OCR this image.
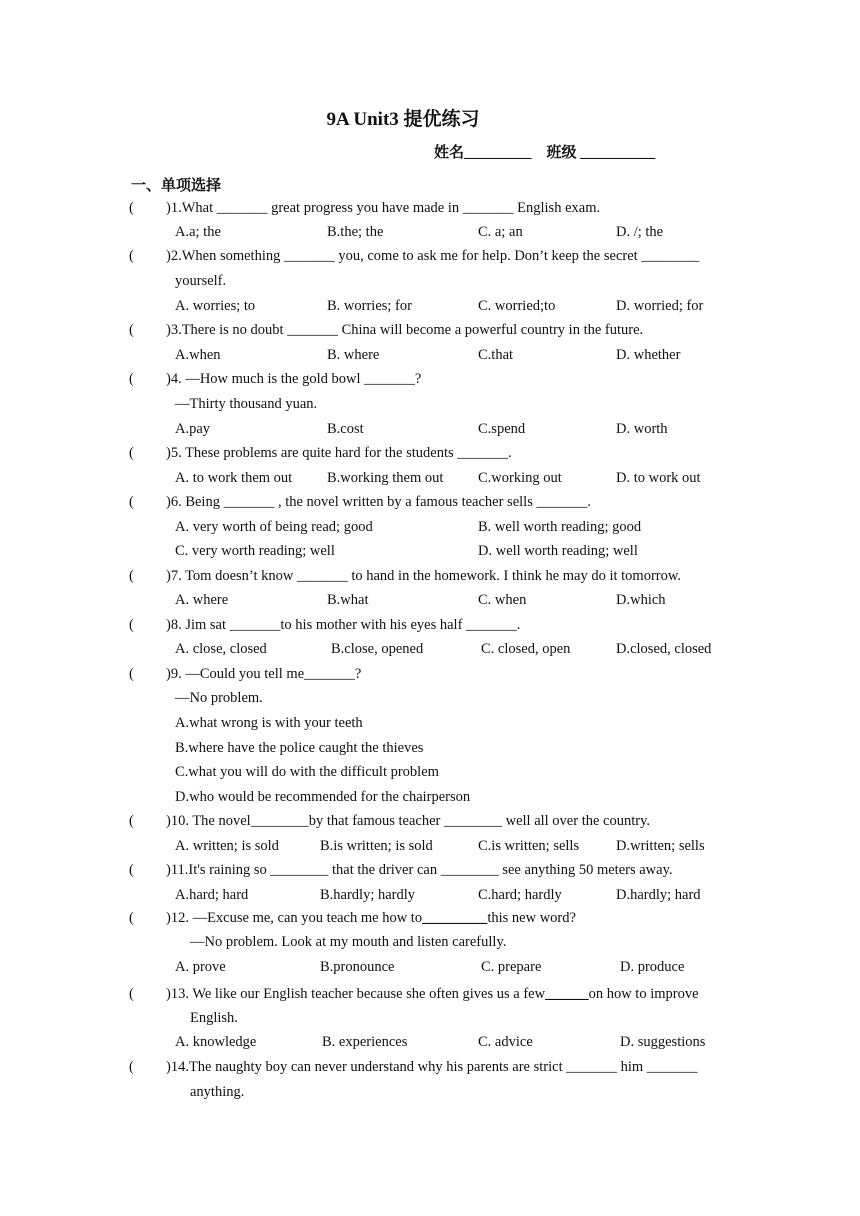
9A Unit3 提优练习
姓名_________    班级 __________
一、单项选择
( )1.What _______ great progress you have made in _______ English exam.
A.a; the	B.the; the	C. a; an	D. /; the
( )2.When something _______ you, come to ask me for help. Don’t keep the secret ________
yourself.
A. worries; to	B. worries; for	C. worried;to	D. worried; for
( )3.There is no doubt _______ China will become a powerful country in the future.
A.when	B. where	C.that	D. whether
( )4. —How much is the gold bowl _______?
—Thirty thousand yuan.
A.pay	B.cost	C.spend	D. worth
( )5. These problems are quite hard for the students _______.
A. to work them out B.working them out C.working out	D. to work out
( )6. Being _______ , the novel written by a famous teacher sells _______.
A. very worth of being read; good	B. well worth reading; good
C. very worth reading; well	D. well worth reading; well
( )7. Tom doesn’t know _______ to hand in the homework. I think he may do it tomorrow.
A. where	B.what	C. when	D.which
( )8. Jim sat _______to his mother with his eyes half _______.
A. close, closed	B.close, opened	C. closed, open	D.closed, closed
( )9. —Could you tell me_______?
—No problem.
A.what wrong is with your teeth
B.where have the police caught the thieves
C.what you will do with the difficult problem
D.who would be recommended for the chairperson
( )10. The novel________by that famous teacher ________ well all over the country.
A. written; is sold	B.is written; is sold	C.is written; sells	D.written; sells
( )11.It's raining so ________ that the driver can ________ see anything 50 meters away.
A.hard; hard	B.hardly; hardly	C.hard; hardly	D.hardly; hard
( )12. —Excuse me, can you teach me how to_________this new word?
—No problem. Look at my mouth and listen carefully.
A. prove	B.pronounce	C. prepare	D. produce
( )13. We like our English teacher because she often gives us a few______on how to improve
English.
A. knowledge	B. experiences	C. advice	D. suggestions
( )14.The naughty boy can never understand why his parents are strict _______ him _______
anything.
